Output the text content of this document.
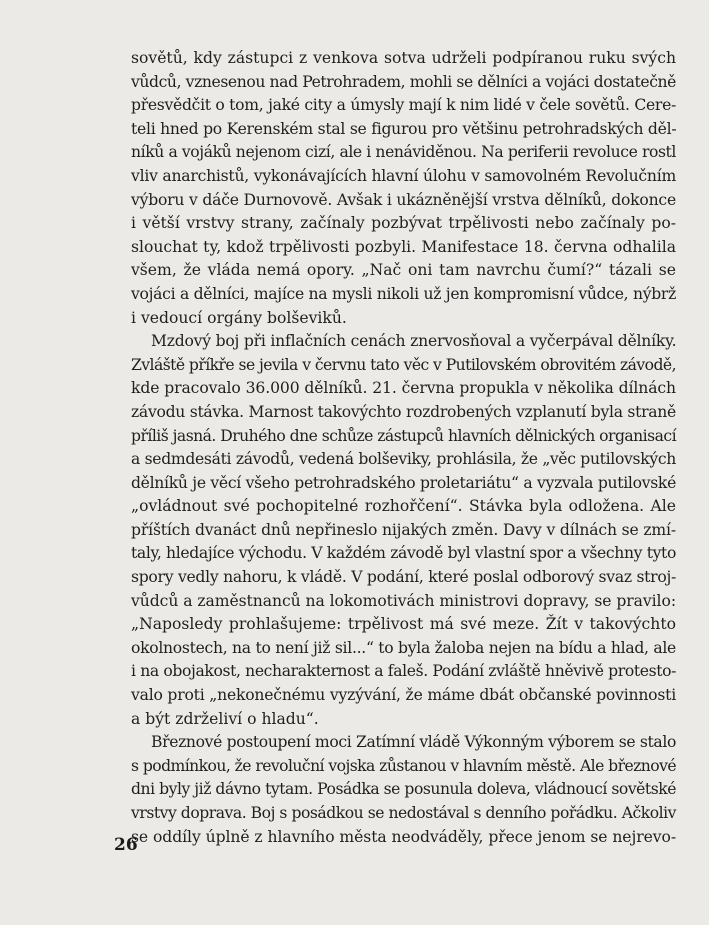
sovětů, kdy zástupci z venkova sotva udrželi podpíranou ruku svých
vůdců, vznesenou nad Petrohradem, mohli se dělníci a vojáci dostatečně
přesvědčit o tom, jaké city a úmysly mají k nim lidé v čele sovětů. Cere-
teli hned po Kerenském stal se figurou pro většinu petrohradských děl-
níků a vojáků nejenom cizí, ale i nenáviděnou. Na periferii revoluce rostl
vliv anarchistů, vykonávajících hlavní úlohu v samovolném Revolučním
výboru v dáče Durnovově. Avšak i ukázněnější vrstva dělníků, dokonce
i větší vrstvy strany, začínaly pozbývat trpělivosti nebo začínaly po-
slouchat ty, kdož trpělivosti pozbyli. Manifestace 18. června odhalila
všem, že vláda nemá opory. „Nač oni tam navrchu čumí?“ tázali se
vojáci a dělníci, majíce na mysli nikoli už jen kompromisní vůdce, nýbrž
i vedoucí orgány bolševiků.
Mzdový boj při inflačních cenách znervosňoval a vyčerpával dělníky.
Zvláště příkře se jevila v červnu tato věc v Putilovském obrovitém závodě,
kde pracovalo 36.000 dělníků. 21. června propukla v několika dílnách
závodu stávka. Marnost takovýchto rozdrobených vzplanutí byla straně
příliš jasná. Druhého dne schůze zástupců hlavních dělnických organisací
a sedmdesáti závodů, vedená bolševiky, prohlásila, že „věc putilovských
dělníků je věcí všeho petrohradského proletariátu“ a vyzvala putilovské
„ovládnout své pochopitelné rozhořčení“. Stávka byla odložena. Ale
příštích dvanáct dnů nepřineslo nijakých změn. Davy v dílnách se zmí-
taly, hledajíce východu. V každém závodě byl vlastní spor a všechny tyto
spory vedly nahoru, k vládě. V podání, které poslal odborový svaz stroj-
vůdců a zaměstnanců na lokomotivách ministrovi dopravy, se pravilo:
„Naposledy prohlašujeme: trpělivost má své meze. Žít v takovýchto
okolnostech, na to není již sil...“ to byla žaloba nejen na bídu a hlad, ale
i na obojakost, necharakternost a faleš. Podání zvláště hněvivě protesto-
valo proti „nekonečnému vyzývání, že máme dbát občanské povinnosti
a být zdrželiví o hladu“.
Březnové postoupení moci Zatímní vládě Výkonným výborem se stalo
s podmínkou, že revoluční vojska zůstanou v hlavním městě. Ale březnové
dni byly již dávno tytam. Posádka se posunula doleva, vládnoucí sovětské
vrstvy doprava. Boj s posádkou se nedostával s denního pořádku. Ačkoliv
se oddíly úplně z hlavního města neodváděly, přece jenom se nejrevo-
26
